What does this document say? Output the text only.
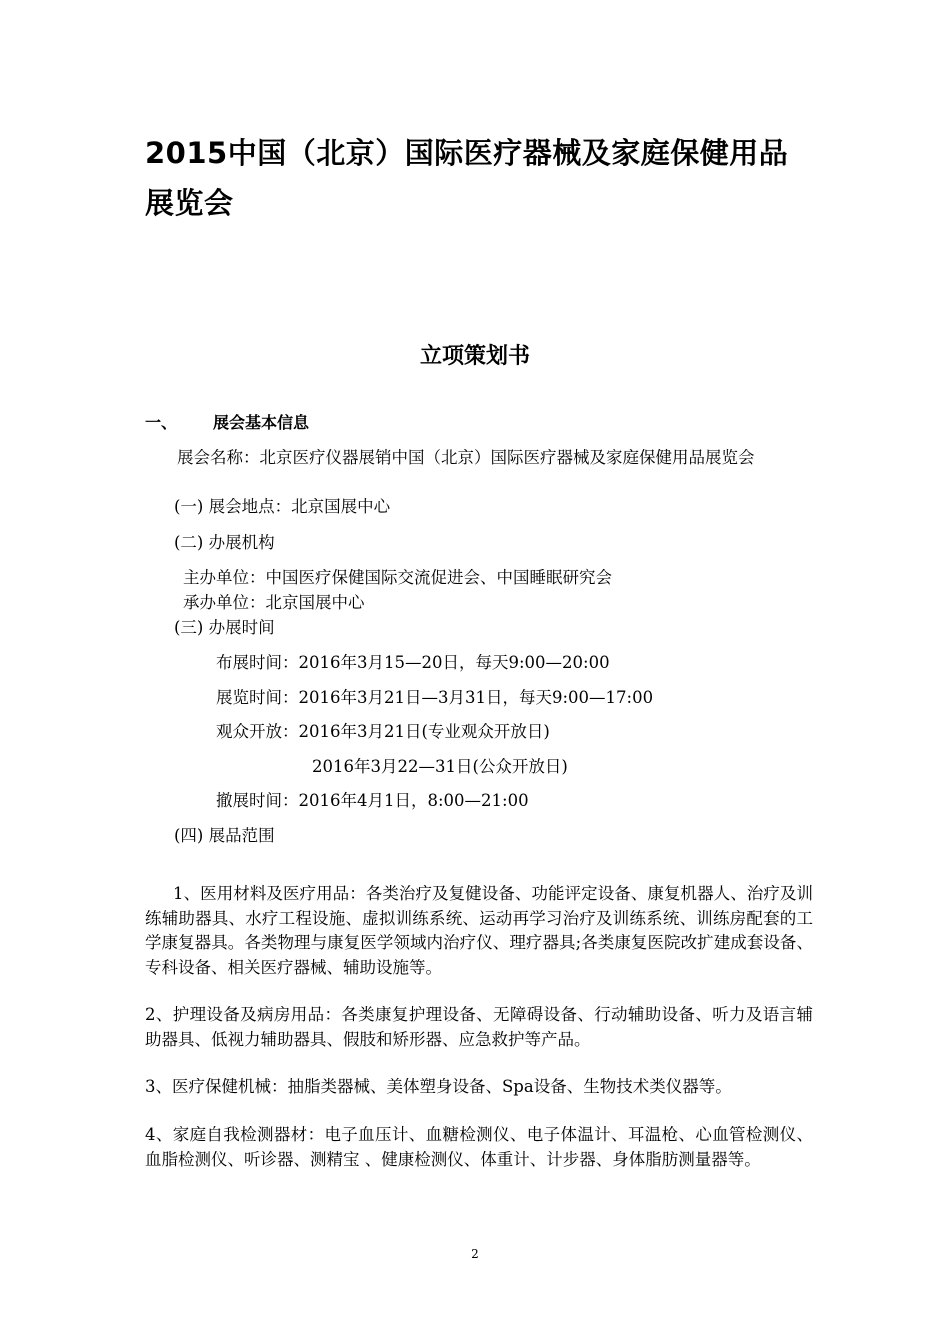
2015中国（北京）国际医疗器械及家庭保健用品展览会
立项策划书
一、 展会基本信息
展会名称：北京医疗仪器展销中国（北京）国际医疗器械及家庭保健用品展览会
(一) 展会地点：北京国展中心
(二) 办展机构
主办单位：中国医疗保健国际交流促进会、中国睡眠研究会
承办单位：北京国展中心
(三) 办展时间
布展时间：2016年3月15—20日，每天9:00—20:00
展览时间：2016年3月21日—3月31日，每天9:00—17:00
观众开放：2016年3月21日(专业观众开放日)
2016年3月22—31日(公众开放日)
撤展时间：2016年4月1日，8:00—21:00
(四) 展品范围
1、医用材料及医疗用品：各类治疗及复健设备、功能评定设备、康复机器人、治疗及训练辅助器具、水疗工程设施、虚拟训练系统、运动再学习治疗及训练系统、训练房配套的工学康复器具。各类物理与康复医学领域内治疗仪、理疗器具;各类康复医院改扩建成套设备、专科设备、相关医疗器械、辅助设施等。
2、护理设备及病房用品：各类康复护理设备、无障碍设备、行动辅助设备、听力及语言辅助器具、低视力辅助器具、假肢和矫形器、应急救护等产品。
3、医疗保健机械：抽脂类器械、美体塑身设备、Spa设备、生物技术类仪器等。
4、家庭自我检测器材：电子血压计、血糖检测仪、电子体温计、耳温枪、心血管检测仪、血脂检测仪、听诊器、测精宝 、健康检测仪、体重计、计步器、身体脂肪测量器等。
2
